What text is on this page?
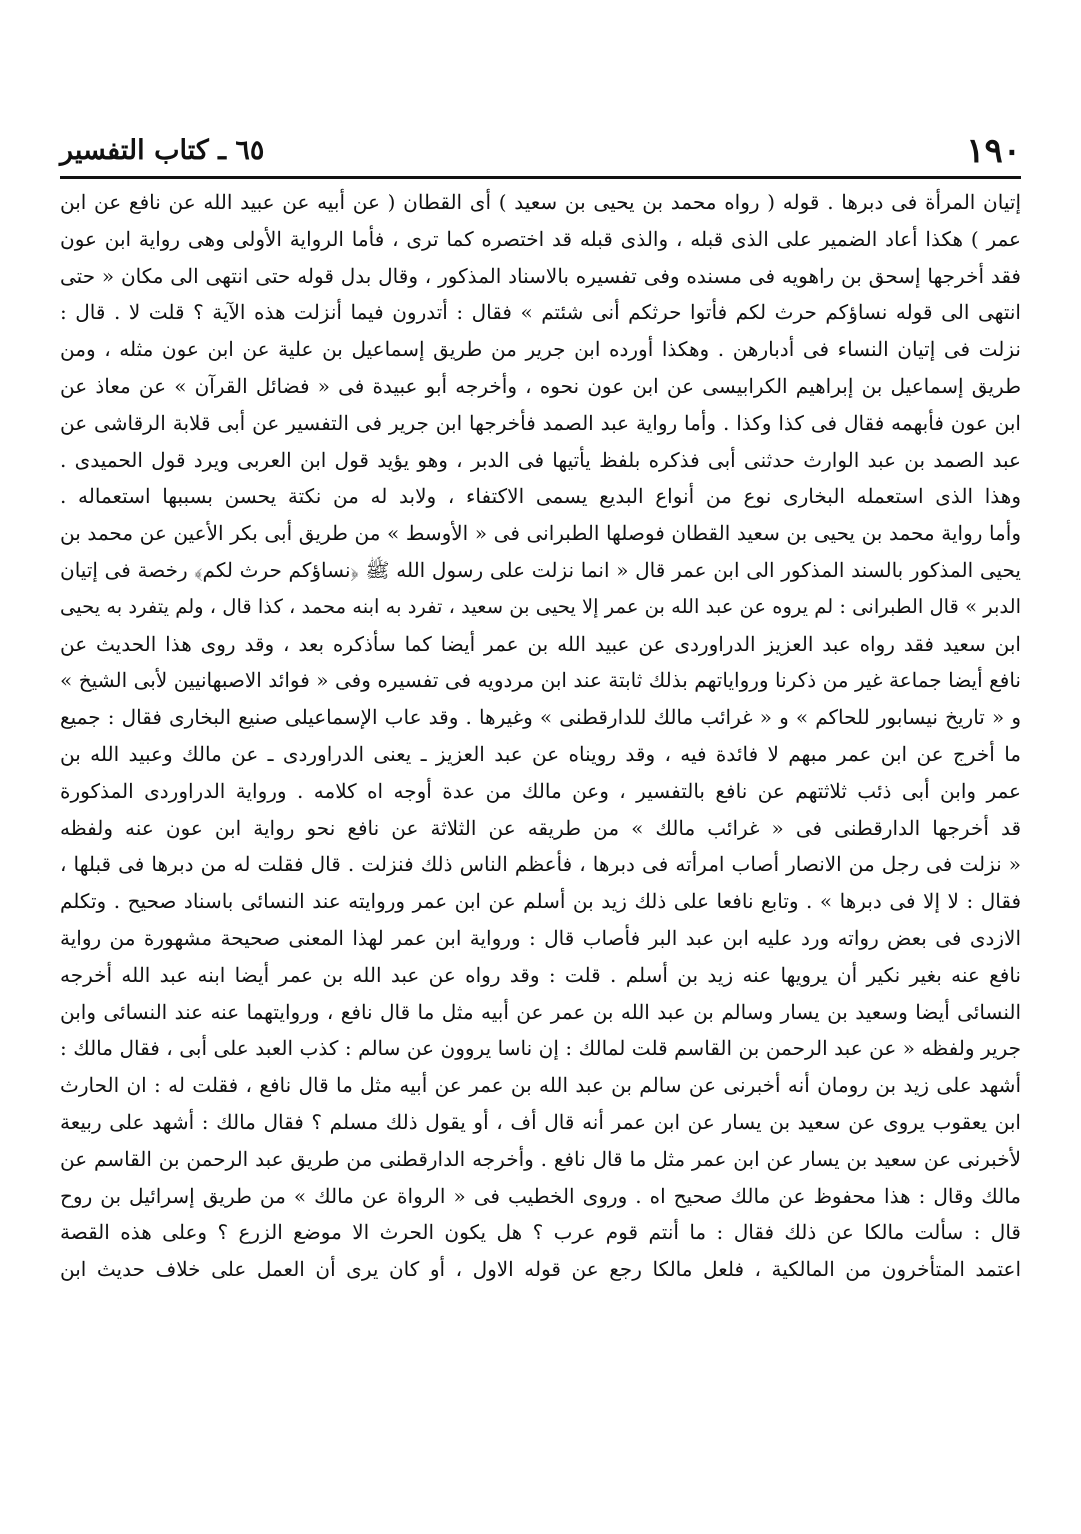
١٩٠
٦٥ ـ كتاب التفسير
إتيان المرأة فى دبرها . قوله ( رواه محمد بن يحيى بن سعيد ) أى القطان ( عن أبيه عن عبيد الله عن نافع عن ابن
عمر ) هكذا أعاد الضمير على الذى قبله ، والذى قبله قد اختصره كما ترى ، فأما الرواية الأولى وهى رواية ابن عون
فقد أخرجها إسحق بن راهويه فى مسنده وفى تفسيره بالاسناد المذكور ، وقال بدل قوله حتى انتهى الى مكان « حتى
انتهى الى قوله نساؤكم حرث لكم فأتوا حرثكم أنى شئتم » فقال : أتدرون فيما أنزلت هذه الآية ؟ قلت لا . قال :
نزلت فى إتيان النساء فى أدبارهن . وهكذا أورده ابن جرير من طريق إسماعيل بن علية عن ابن عون مثله ، ومن
طريق إسماعيل بن إبراهيم الكرابيسى عن ابن عون نحوه ، وأخرجه أبو عبيدة فى « فضائل القرآن » عن معاذ عن
ابن عون فأبهمه فقال فى كذا وكذا . وأما رواية عبد الصمد فأخرجها ابن جرير فى التفسير عن أبى قلابة الرقاشى عن
عبد الصمد بن عبد الوارث حدثنى أبى فذكره بلفظ يأتيها فى الدبر ، وهو يؤيد قول ابن العربى ويرد قول الحميدى .
وهذا الذى استعمله البخارى نوع من أنواع البديع يسمى الاكتفاء ، ولابد له من نكتة يحسن بسببها استعماله .
وأما رواية محمد بن يحيى بن سعيد القطان فوصلها الطبرانى فى « الأوسط » من طريق أبى بكر الأعين عن محمد بن
يحيى المذكور بالسند المذكور الى ابن عمر قال « انما نزلت على رسول الله ﷺ ﴿نساؤكم حرث لكم﴾ رخصة فى إتيان
الدبر » قال الطبرانى : لم يروه عن عبد الله بن عمر إلا يحيى بن سعيد ، تفرد به ابنه محمد ، كذا قال ، ولم يتفرد به يحيى
ابن سعيد فقد رواه عبد العزيز الدراوردى عن عبيد الله بن عمر أيضا كما سأذكره بعد ، وقد روى هذا الحديث عن
نافع أيضا جماعة غير من ذكرنا ورواياتهم بذلك ثابتة عند ابن مردويه فى تفسيره وفى « فوائد الاصبهانيين لأبى الشيخ »
و « تاريخ نيسابور للحاكم » و « غرائب مالك للدارقطنى » وغيرها . وقد عاب الإسماعيلى صنيع البخارى فقال : جميع
ما أخرج عن ابن عمر مبهم لا فائدة فيه ، وقد رويناه عن عبد العزيز ـ يعنى الدراوردى ـ عن مالك وعبيد الله بن
عمر وابن أبى ذئب ثلاثتهم عن نافع بالتفسير ، وعن مالك من عدة أوجه اه كلامه . ورواية الدراوردى المذكورة
قد أخرجها الدارقطنى فى « غرائب مالك » من طريقه عن الثلاثة عن نافع نحو رواية ابن عون عنه ولفظه
« نزلت فى رجل من الانصار أصاب امرأته فى دبرها ، فأعظم الناس ذلك فنزلت . قال فقلت له من دبرها فى قبلها ،
فقال : لا إلا فى دبرها » . وتابع نافعا على ذلك زيد بن أسلم عن ابن عمر وروايته عند النسائى باسناد صحيح . وتكلم
الازدى فى بعض رواته ورد عليه ابن عبد البر فأصاب قال : ورواية ابن عمر لهذا المعنى صحيحة مشهورة من رواية
نافع عنه بغير نكير أن يرويها عنه زيد بن أسلم . قلت : وقد رواه عن عبد الله بن عمر أيضا ابنه عبد الله أخرجه
النسائى أيضا وسعيد بن يسار وسالم بن عبد الله بن عمر عن أبيه مثل ما قال نافع ، وروايتهما عنه عند النسائى وابن
جرير ولفظه « عن عبد الرحمن بن القاسم قلت لمالك : إن ناسا يروون عن سالم : كذب العبد على أبى ، فقال مالك :
أشهد على زيد بن رومان أنه أخبرنى عن سالم بن عبد الله بن عمر عن أبيه مثل ما قال نافع ، فقلت له : ان الحارث
ابن يعقوب يروى عن سعيد بن يسار عن ابن عمر أنه قال أف ، أو يقول ذلك مسلم ؟ فقال مالك : أشهد على ربيعة
لأخبرنى عن سعيد بن يسار عن ابن عمر مثل ما قال نافع . وأخرجه الدارقطنى من طريق عبد الرحمن بن القاسم عن
مالك وقال : هذا محفوظ عن مالك صحيح اه . وروى الخطيب فى « الرواة عن مالك » من طريق إسرائيل بن روح
قال : سألت مالكا عن ذلك فقال : ما أنتم قوم عرب ؟ هل يكون الحرث الا موضع الزرع ؟ وعلى هذه القصة
اعتمد المتأخرون من المالكية ، فلعل مالكا رجع عن قوله الاول ، أو كان يرى أن العمل على خلاف حديث ابن
